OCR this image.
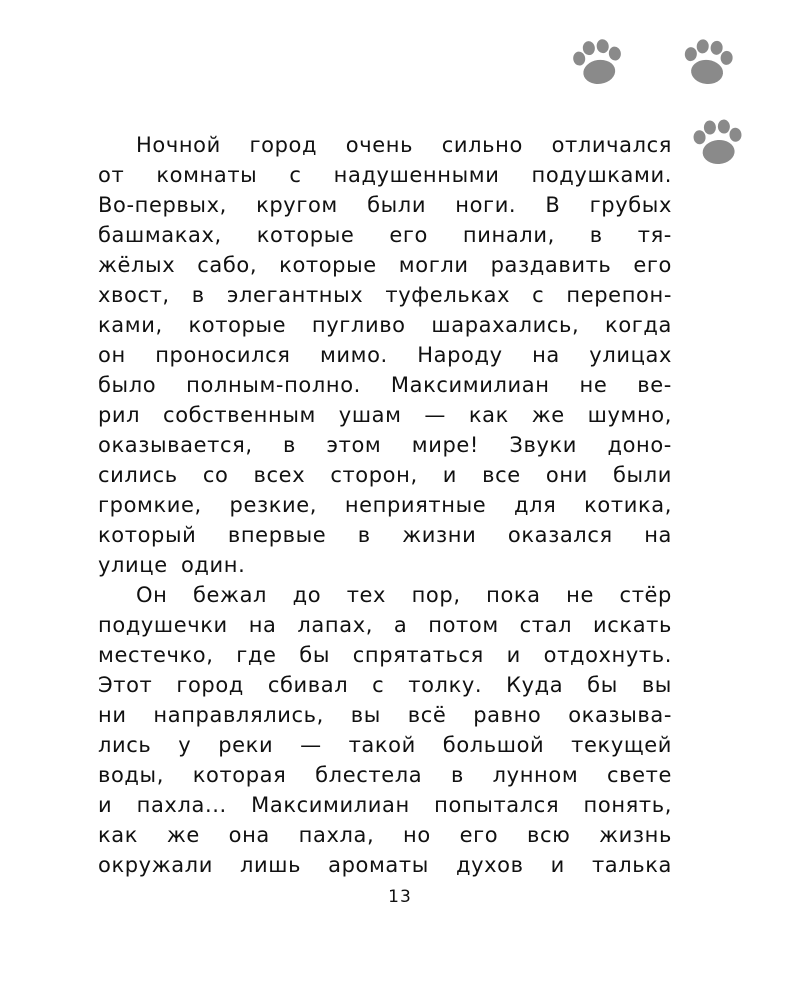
Ночной город очень сильно отличался
от комнаты с надушенными подушками.
Во-первых, кругом были ноги. В грубых
башмаках, которые его пинали, в тя-
жёлых сабо, которые могли раздавить его
хвост, в элегантных туфельках с перепон-
ками, которые пугливо шарахались, когда
он проносился мимо. Народу на улицах
было полным-полно. Максимилиан не ве-
рил собственным ушам — как же шумно,
оказывается, в этом мире! Звуки доно-
сились со всех сторон, и все они были
громкие, резкие, неприятные для котика,
который впервые в жизни оказался на
улице один.
Он бежал до тех пор, пока не стёр
подушечки на лапах, а потом стал искать
местечко, где бы спрятаться и отдохнуть.
Этот город сбивал с толку. Куда бы вы
ни направлялись, вы всё равно оказыва-
лись у реки — такой большой текущей
воды, которая блестела в лунном свете
и пахла... Максимилиан попытался понять,
как же она пахла, но его всю жизнь
окружали лишь ароматы духов и талька
13
